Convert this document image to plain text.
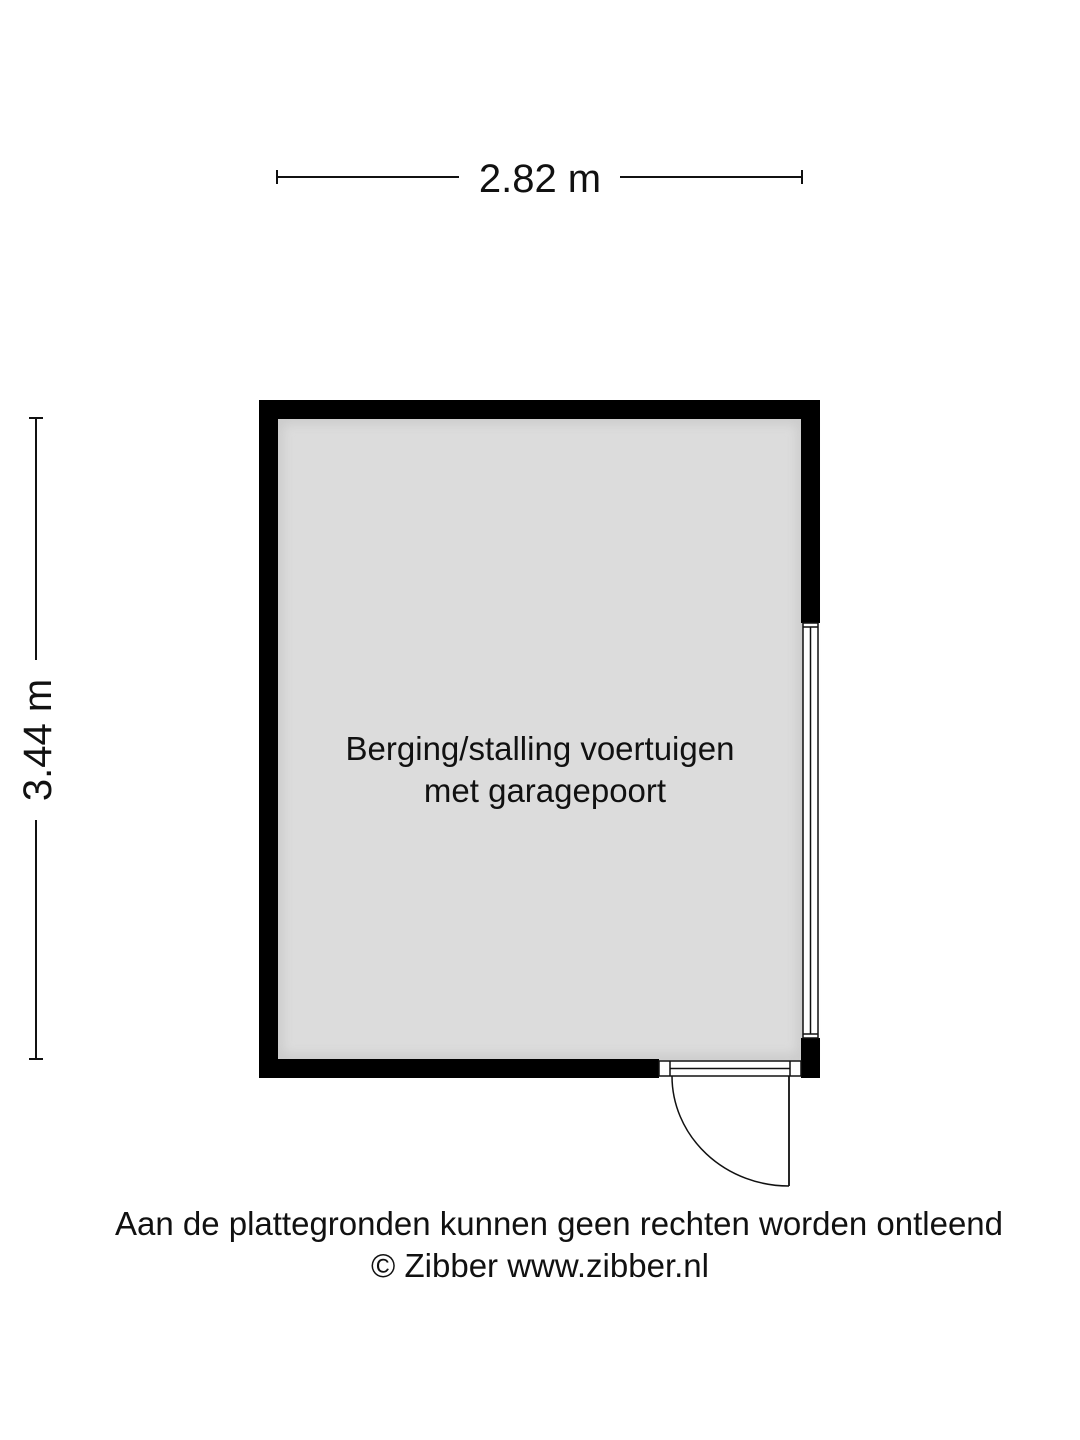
2.82 m
3.44 m	Berging/stalling voertuigen
met garagepoort
Aan de plattegronden kunnen geen rechten worden ontleend
© Zibber www.zibber.nl
